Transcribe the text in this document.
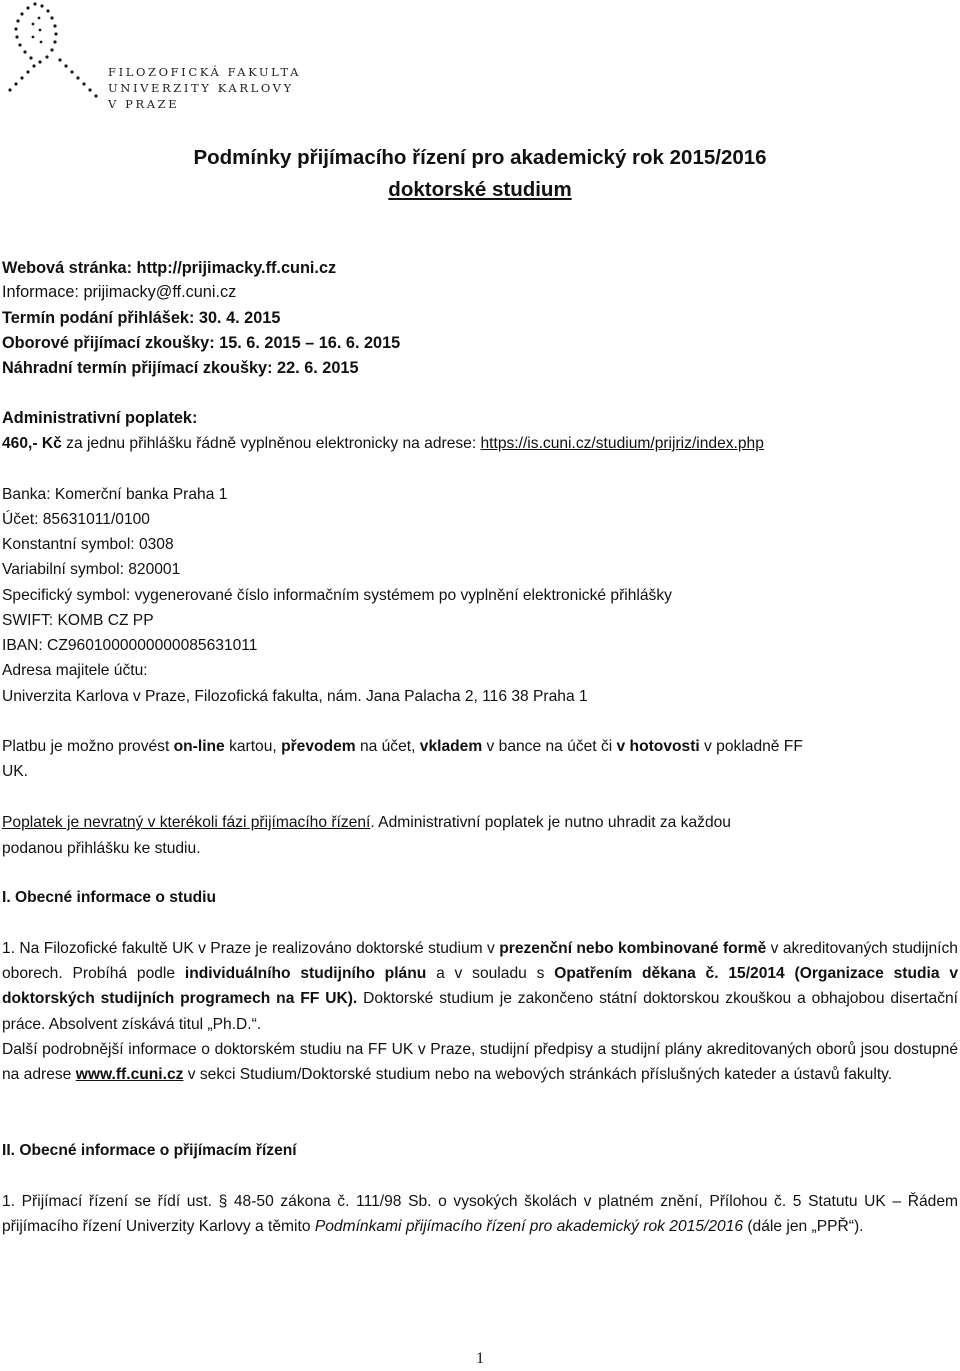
FILOZOFICKÁ FAKULTA
UNIVERZITY KARLOVY
V PRAZE
Podmínky přijímacího řízení pro akademický rok 2015/2016
doktorské studium
Webová stránka: http://prijimacky.ff.cuni.cz
Informace: prijimacky@ff.cuni.cz
Termín podání přihlášek: 30. 4. 2015
Oborové přijímací zkoušky: 15. 6. 2015 – 16. 6. 2015
Náhradní termín přijímací zkoušky: 22. 6. 2015
Administrativní poplatek:
460,- Kč za jednu přihlášku řádně vyplněnou elektronicky na adrese: https://is.cuni.cz/studium/prijriz/index.php
Banka: Komerční banka Praha 1
Účet: 85631011/0100
Konstantní symbol: 0308
Variabilní symbol: 820001
Specifický symbol: vygenerované číslo informačním systémem po vyplnění elektronické přihlášky
SWIFT: KOMB CZ PP
IBAN: CZ9601000000000085631011
Adresa majitele účtu:
Univerzita Karlova v Praze, Filozofická fakulta, nám. Jana Palacha 2, 116 38 Praha 1
Platbu je možno provést on-line kartou, převodem na účet, vkladem v bance na účet či v hotovosti v pokladně FF
UK.
Poplatek je nevratný v kterékoli fázi přijímacího řízení. Administrativní poplatek je nutno uhradit za každou
podanou přihlášku ke studiu.
I. Obecné informace o studiu
1. Na Filozofické fakultě UK v Praze je realizováno doktorské studium v prezenční nebo kombinované formě v akreditovaných studijních oborech. Probíhá podle individuálního studijního plánu a v souladu s Opatřením děkana č. 15/2014 (Organizace studia v doktorských studijních programech na FF UK). Doktorské studium je zakončeno státní doktorskou zkouškou a obhajobou disertační práce. Absolvent získává titul „Ph.D.“.
Další podrobnější informace o doktorském studiu na FF UK v Praze, studijní předpisy a studijní plány akreditovaných oborů jsou dostupné na adrese www.ff.cuni.cz v sekci Studium/Doktorské studium nebo na webových stránkách příslušných kateder a ústavů fakulty.
II. Obecné informace o přijímacím řízení
1. Přijímací řízení se řídí ust. § 48-50 zákona č. 111/98 Sb. o vysokých školách v platném znění, Přílohou č. 5 Statutu UK – Řádem přijímacího řízení Univerzity Karlovy a těmito Podmínkami přijímacího řízení pro akademický rok 2015/2016 (dále jen „PPŘ“).
1
